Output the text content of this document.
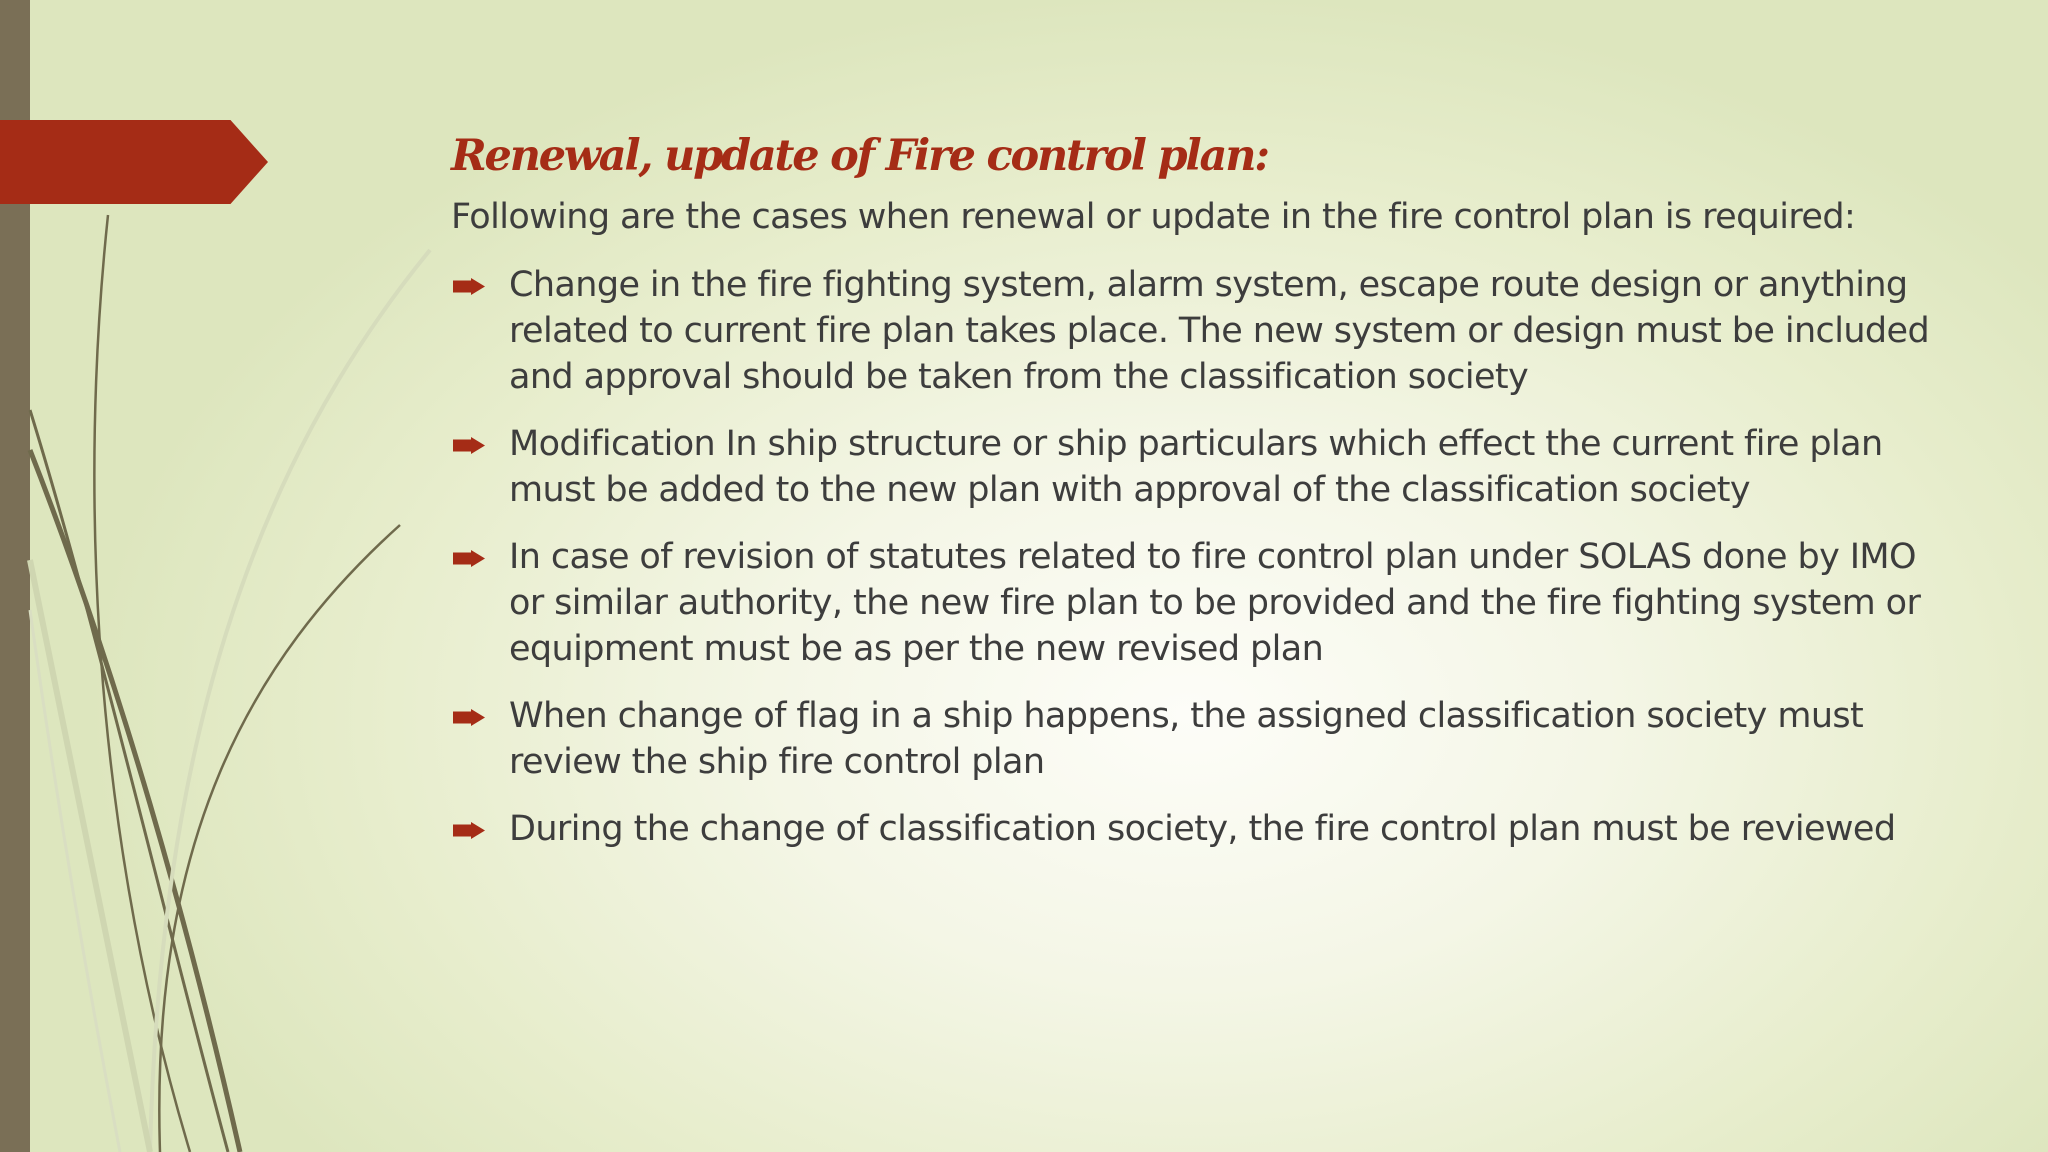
Renewal, update of Fire control plan:

Following are the cases when renewal or update in the fire control plan is required:

Change in the fire fighting system, alarm system, escape route design or anything related to current fire plan takes place. The new system or design must be included and approval should be taken from the classification society
Modification In ship structure or ship particulars which effect the current fire plan must be added to the new plan with approval of the classification society
In case of revision of statutes related to fire control plan under SOLAS done by IMO or similar authority, the new fire plan to be provided and the fire fighting system or equipment must be as per the new revised plan
When change of flag in a ship happens, the assigned classification society must review the ship fire control plan
During the change of classification society, the fire control plan must be reviewed
